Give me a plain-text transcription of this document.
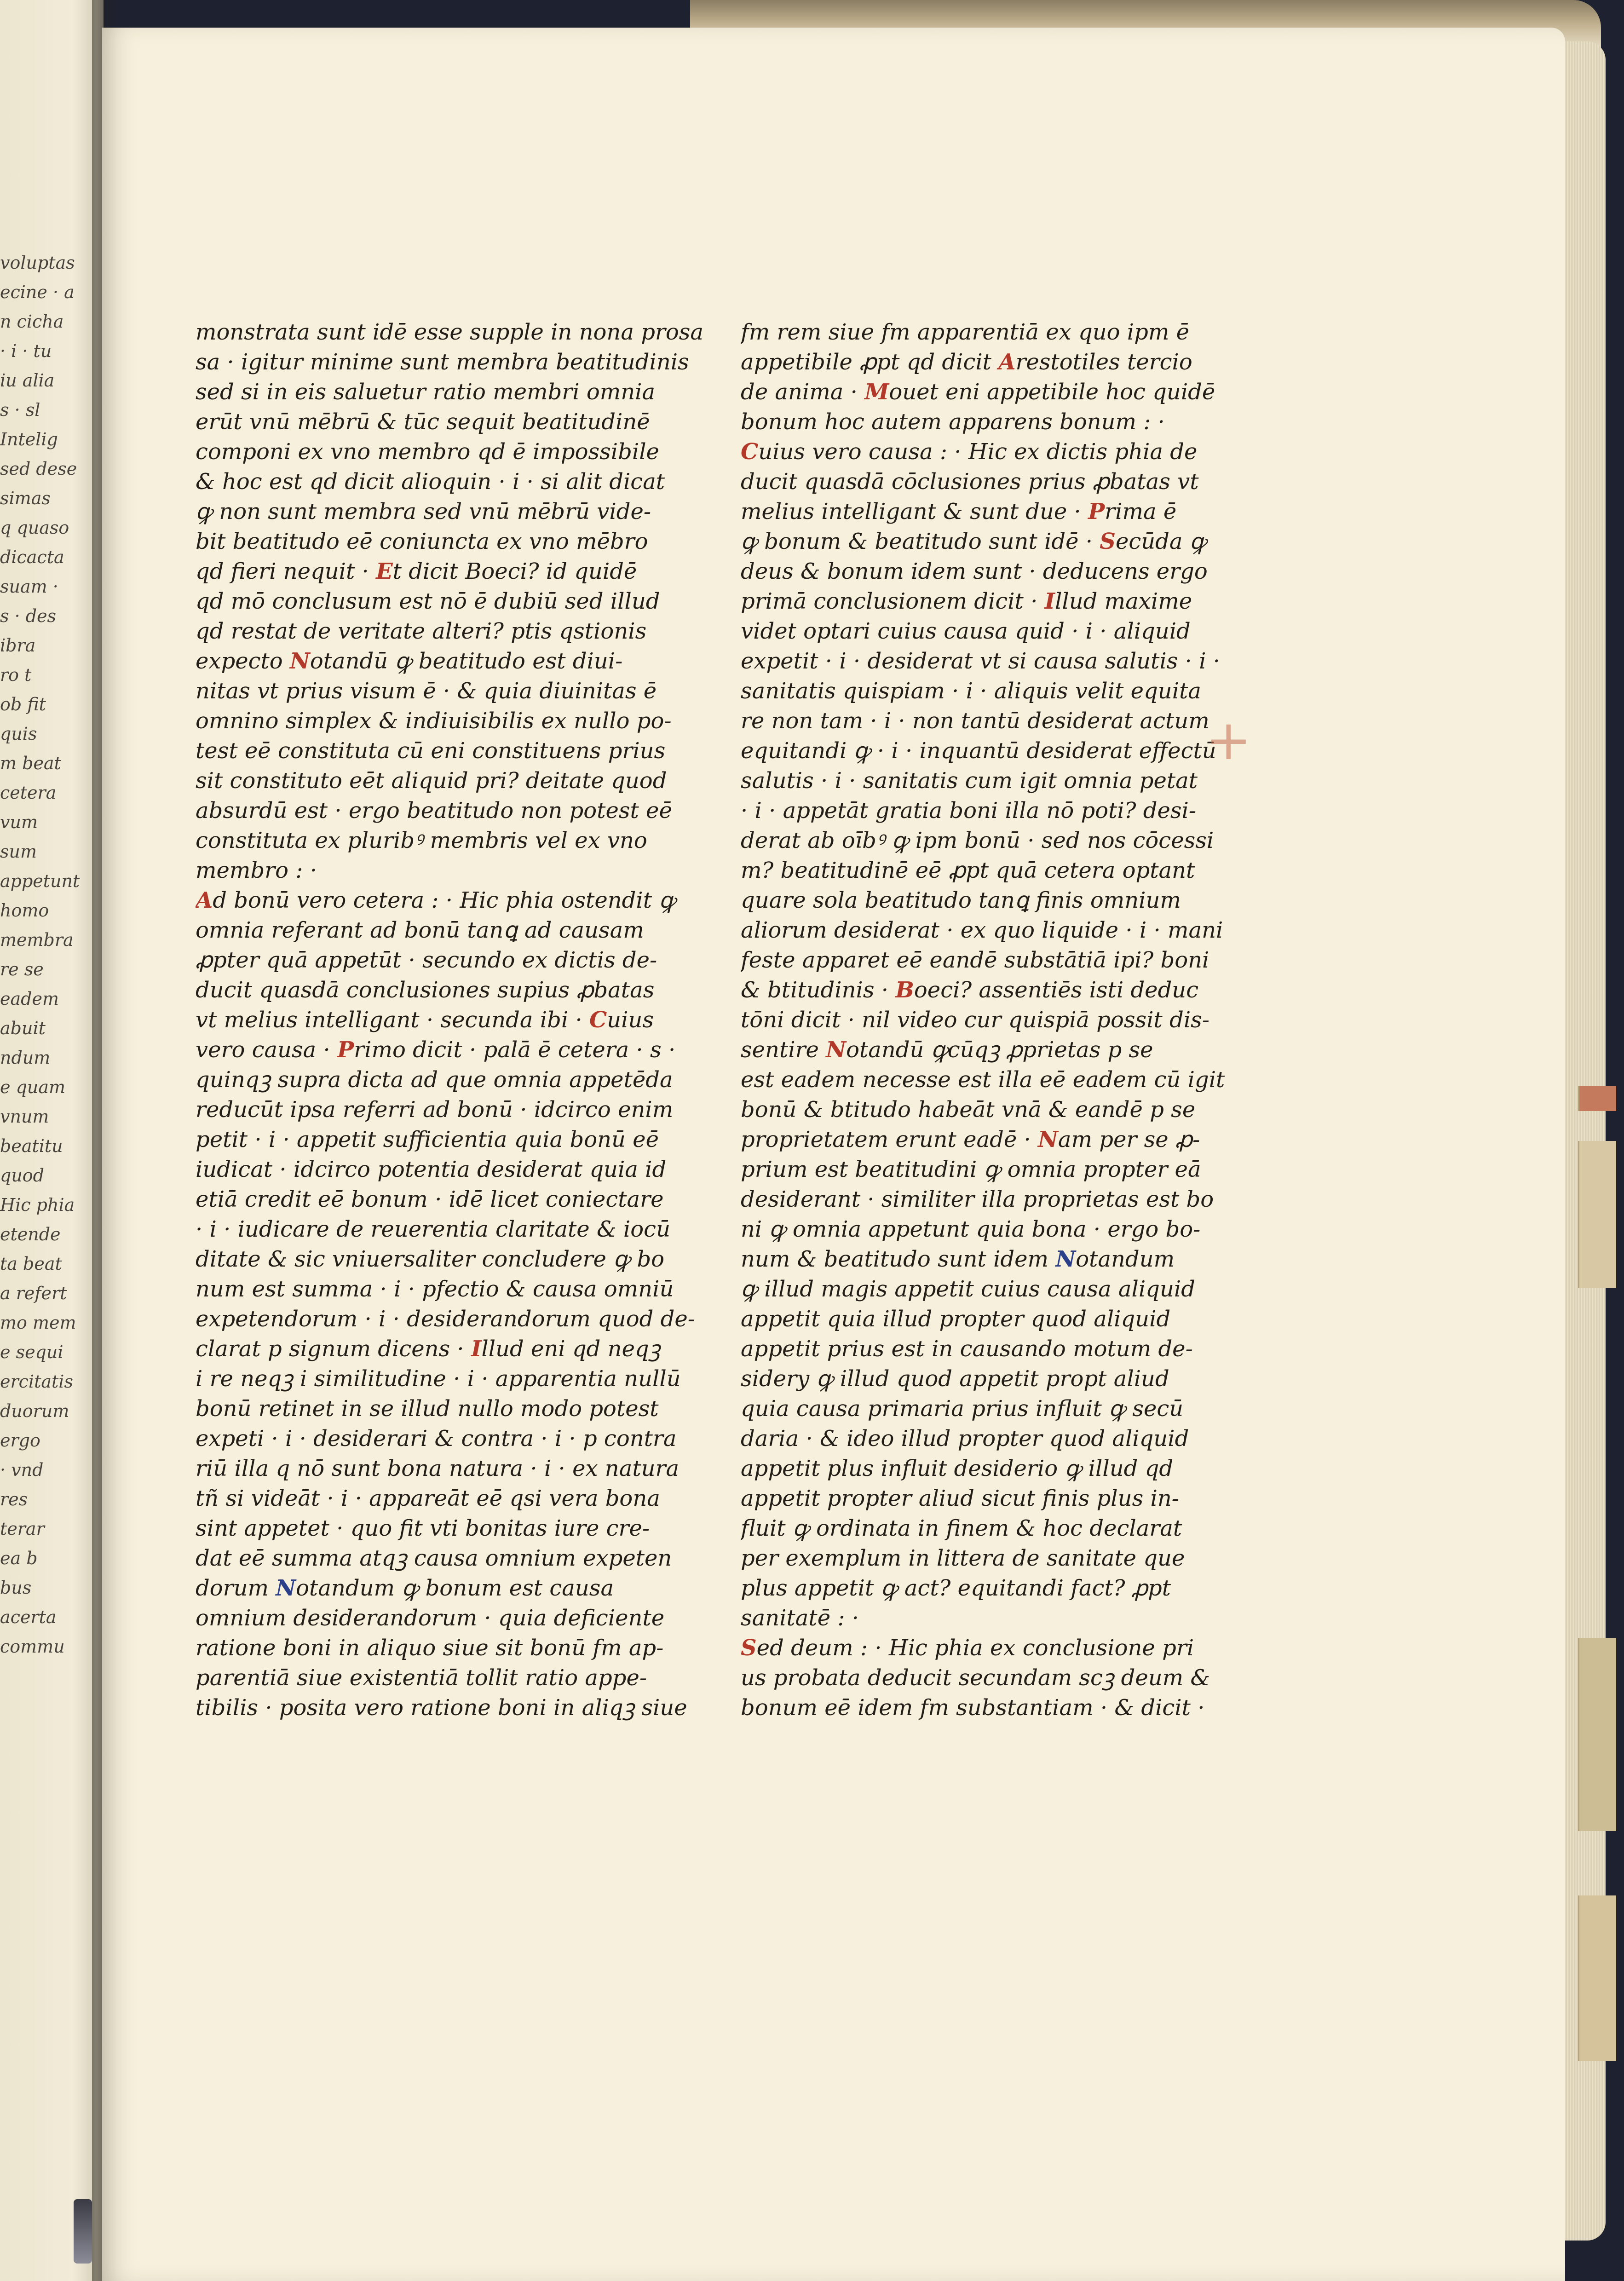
voluptas
ecine · a
n cicha
· i · tu
iu alia
s · sl
Intelig
sed dese
simas
q quaso
dicacta
suam ·
s · des
ibra
ro t
ob fit
quis
m beat
cetera
vum
sum
appetunt
homo
membra
re se
eadem
abuit
ndum
e quam
vnum
beatitu
quod
Hic phia
etende
ta beat
a refert
mo mem
e sequi
ercitatis
duorum
ergo
· vnd
res
terar
ea b
bus
acerta
commu
monstrata sunt idē esse supple in nona prosa
sa · igitur minime sunt membra beatitudinis
sed si in eis saluetur ratio membri omnia
erūt vnū mēbrū & tūc sequit beatitudinē
componi ex vno membro qd ē impossibile
& hoc est qd dicit alioquin · i · si alit dicat
ꝙ non sunt membra sed vnū mēbrū vide-
bit beatitudo eē coniuncta ex vno mēbro
qd fieri nequit · Et dicit Boeci? id quidē
qd mō conclusum est nō ē dubiū sed illud
qd restat de veritate alteri? ptis qstionis
expecto Notandū ꝙ beatitudo est diui-
nitas vt prius visum ē · & quia diuinitas ē
omnino simplex & indiuisibilis ex nullo po-
test eē constituta cū eni constituens prius
sit constituto eēt aliquid pri? deitate quod
absurdū est · ergo beatitudo non potest eē
constituta ex pluribꝰ membris vel ex vno
membro : ·
Ad bonū vero cetera : · Hic phia ostendit ꝙ
omnia referant ad bonū tanꝗ ad causam
ꝓpter quā appetūt · secundo ex dictis de-
ducit quasdā conclusiones supius ꝓbatas
vt melius intelligant · secunda ibi · Cuius
vero causa · Primo dicit · palā ē cetera · s ·
quinqꝫ supra dicta ad que omnia appetēda
reducūt ipsa referri ad bonū · idcirco enim
petit · i · appetit sufficientia quia bonū eē
iudicat · idcirco potentia desiderat quia id
etiā credit eē bonum · idē licet coniectare
· i · iudicare de reuerentia claritate & iocū
ditate & sic vniuersaliter concludere ꝙ bo
num est summa · i · pfectio & causa omniū
expetendorum · i · desiderandorum quod de-
clarat p signum dicens · Illud eni qd neqꝫ
i re neqꝫ i similitudine · i · apparentia nullū
bonū retinet in se illud nullo modo potest
expeti · i · desiderari & contra · i · p contra
riū illa q nō sunt bona natura · i · ex natura
tñ si videāt · i · appareāt eē qsi vera bona
sint appetet · quo fit vti bonitas iure cre-
dat eē summa atqꝫ causa omnium expeten
dorum Notandum ꝙ bonum est causa
omnium desiderandorum · quia deficiente
ratione boni in aliquo siue sit bonū fm ap-
parentiā siue existentiā tollit ratio appe-
tibilis · posita vero ratione boni in aliqꝫ siue
fm rem siue fm apparentiā ex quo ipm ē
appetibile ꝓpt qd dicit Arestotiles tercio
de anima · Mouet eni appetibile hoc quidē
bonum hoc autem apparens bonum : ·
Cuius vero causa : · Hic ex dictis phia de
ducit quasdā cōclusiones prius ꝓbatas vt
melius intelligant & sunt due · Prima ē
ꝙ bonum & beatitudo sunt idē · Secūda ꝙ
deus & bonum idem sunt · deducens ergo
primā conclusionem dicit · Illud maxime
videt optari cuius causa quid · i · aliquid
expetit · i · desiderat vt si causa salutis · i ·
sanitatis quispiam · i · aliquis velit equita
re non tam · i · non tantū desiderat actum
equitandi ꝙ · i · inquantū desiderat effectū
salutis · i · sanitatis cum igit omnia petat
· i · appetāt gratia boni illa nō poti? desi-
derat ab oībꝰ ꝙ ipm bonū · sed nos cōcessi
m? beatitudinē eē ꝓpt quā cetera optant
quare sola beatitudo tanꝗ finis omnium
aliorum desiderat · ex quo liquide · i · mani
feste apparet eē eandē substātiā ipi? boni
& btitudinis · Boeci? assentiēs isti deduc
tōni dicit · nil video cur quispiā possit dis-
sentire Notandū ꝙcūqꝫ ꝓprietas p se
est eadem necesse est illa eē eadem cū igit
bonū & btitudo habeāt vnā & eandē p se
proprietatem erunt eadē · Nam per se ꝓ-
prium est beatitudini ꝙ omnia propter eā
desiderant · similiter illa proprietas est bo
ni ꝙ omnia appetunt quia bona · ergo bo-
num & beatitudo sunt idem Notandum
ꝙ illud magis appetit cuius causa aliquid
appetit quia illud propter quod aliquid
appetit prius est in causando motum de-
sidery ꝙ illud quod appetit propt aliud
quia causa primaria prius influit ꝙ secū
daria · & ideo illud propter quod aliquid
appetit plus influit desiderio ꝙ illud qd
appetit propter aliud sicut finis plus in-
fluit ꝙ ordinata in finem & hoc declarat
per exemplum in littera de sanitate que
plus appetit ꝙ act? equitandi fact? ꝓpt
sanitatē : ·
Sed deum : · Hic phia ex conclusione pri
us probata deducit secundam scꝫ deum &
bonum eē idem fm substantiam · & dicit ·
+
